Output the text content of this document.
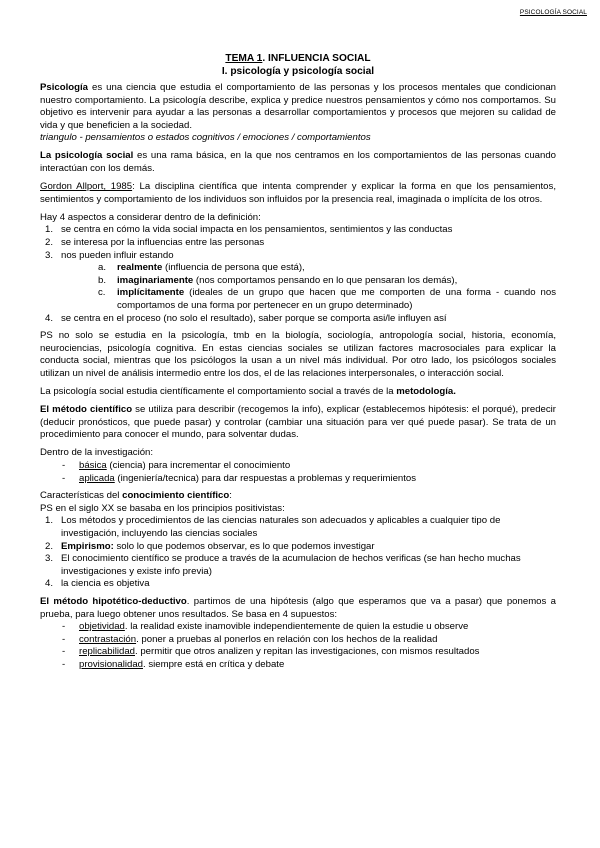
PSICOLOGÍA SOCIAL
TEMA 1. INFLUENCIA SOCIAL
I. psicología y psicología social

Psicología es una ciencia que estudia el comportamiento de las personas y los procesos mentales que condicionan nuestro comportamiento. La psicología describe, explica y predice nuestros pensamientos y cómo nos comportamos. Su objetivo es intervenir para ayudar a las personas a desarrollar comportamientos y procesos que mejoren su calidad de vida y que beneficien a la sociedad.

triangulo - pensamientos o estados cognitivos / emociones / comportamientos

La psicología social es una rama básica, en la que nos centramos en los comportamientos de las personas cuando interactúan con los demás.

Gordon Allport, 1985: La disciplina científica que intenta comprender y explicar la forma en que los pensamientos, sentimientos y comportamiento de los individuos son influidos por la presencia real, imaginada o implícita de los otros.

Hay 4 aspectos a considerar dentro de la definición:
1. se centra en cómo la vida social impacta en los pensamientos, sentimientos y las conductas
2. se interesa por la influencias entre las personas
3. nos pueden influir estando
a. realmente (influencia de persona que está),
b. imaginariamente (nos comportamos pensando en lo que pensaran los demás),
c. implícitamente (ideales de un grupo que hacen que me comporten de una forma - cuando nos comportamos de una forma por pertenecer en un grupo determinado)
4. se centra en el proceso (no solo el resultado), saber porque se comporta asi/le influyen así

PS no solo se estudia en la psicología, tmb en la biología, sociología, antropología social, historia, economía, neurociencias, psicología cognitiva. En estas ciencias sociales se utilizan factores macrosociales para explicar la conducta social, mientras que los psicólogos la usan a un nivel más individual. Por otro lado, los psicólogos sociales utilizan un nivel de análisis intermedio entre los dos, el de las relaciones interpersonales, o interacción social.

La psicología social estudia científicamente el comportamiento social a través de la metodología.

El método científico se utiliza para describir (recogemos la info), explicar (establecemos hipótesis: el porqué), predecir (deducir pronósticos, que puede pasar) y controlar (cambiar una situación para ver qué puede pasar). Se trata de un procedimiento para conocer el mundo, para solventar dudas.

Dentro de la investigación:
- básica (ciencia) para incrementar el conocimiento
- aplicada (ingeniería/tecnica) para dar respuestas a problemas y requerimientos
Características del conocimiento científico:
PS en el siglo XX se basaba en los principios positivistas:
1. Los métodos y procedimientos de las ciencias naturales son adecuados y aplicables a cualquier tipo de investigación, incluyendo las ciencias sociales
2. Empirismo: solo lo que podemos observar, es lo que podemos investigar
3. El conocimiento científico se produce a través de la acumulacion de hechos verificas (se han hecho muchas investigaciones y existe info previa)
4. la ciencia es objetiva

El método hipotético-deductivo. partimos de una hipótesis (algo que esperamos que va a pasar) que ponemos a prueba, para luego obtener unos resultados. Se basa en 4 supuestos:

- objetividad. la realidad existe inamovible independientemente de quien la estudie u observe
- contrastación. poner a pruebas al ponerlos en relación con los hechos de la realidad
- replicabilidad. permitir que otros analizen y repitan las investigaciones, con mismos resultados
- provisionalidad. siempre está en crítica y debate
